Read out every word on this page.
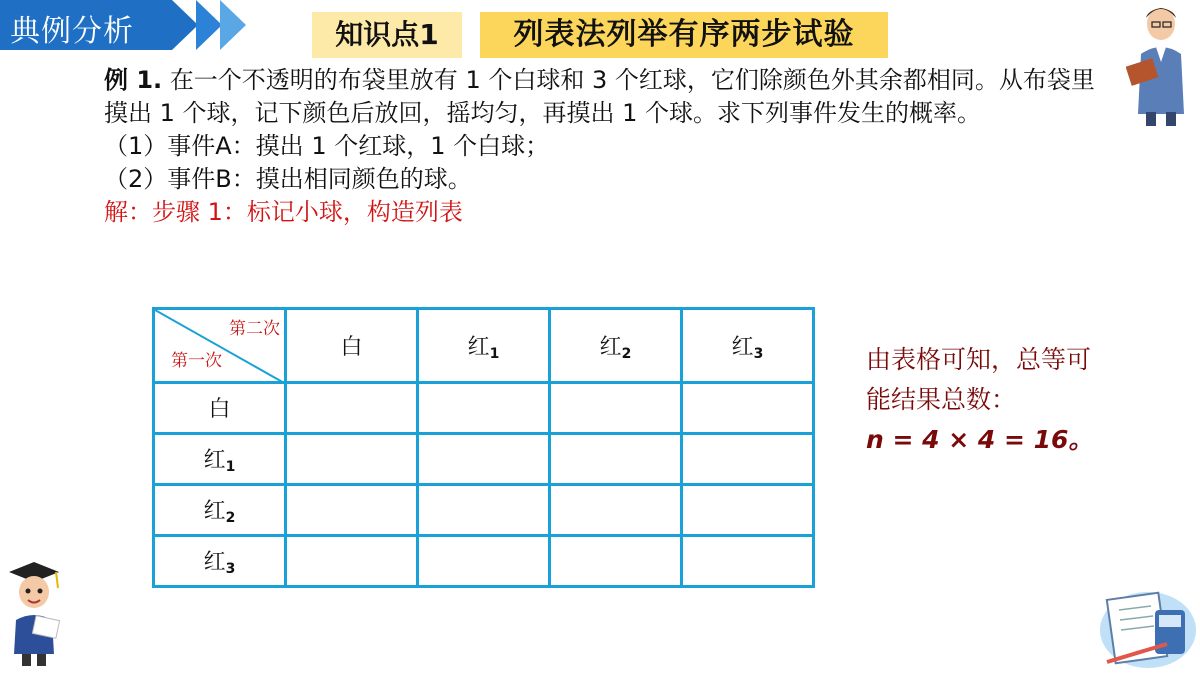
典例分析	知识点1	列表法列举有序两步试验

例 1. 在一个不透明的布袋里放有 1 个白球和 3 个红球，它们除颜色外其余都相同。从布袋里摸出 1 个球，记下颜色后放回，摇均匀，再摸出 1 个球。求下列事件发生的概率。

（1）事件A：摸出 1 个红球，1 个白球；

（2）事件B：摸出相同颜色的球。

解：步骤 1：标记小球，构造列表

第二次
第一次	白	红$_1$	红$_2$	红$_3$
白				
红$_1$				
红$_2$				
红$_3$				
由表格可知，总等可
能结果总数：
n = 4 × 4 = 16。
